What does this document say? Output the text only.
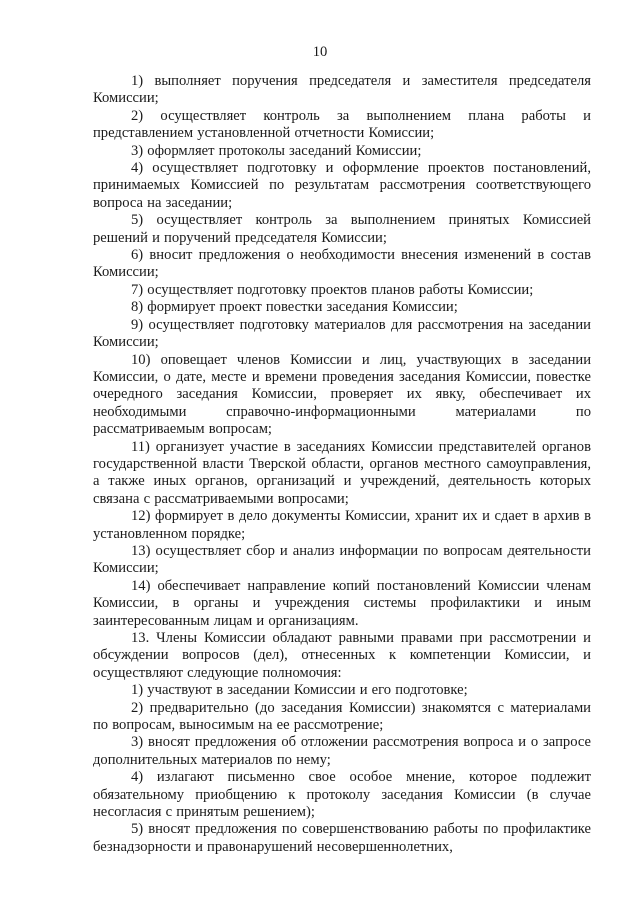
10

1) выполняет поручения председателя и заместителя председателя Комиссии;

2) осуществляет контроль за выполнением плана работы и представлением установленной отчетности Комиссии;

3) оформляет протоколы заседаний Комиссии;

4) осуществляет подготовку и оформление проектов постановлений, принимаемых Комиссией по результатам рассмотрения соответствующего вопроса на заседании;

5) осуществляет контроль за выполнением принятых Комиссией решений и поручений председателя Комиссии;

6) вносит предложения о необходимости внесения изменений в состав Комиссии;

7) осуществляет подготовку проектов планов работы Комиссии;

8) формирует проект повестки заседания Комиссии;

9) осуществляет подготовку материалов для рассмотрения на заседании Комиссии;

10) оповещает членов Комиссии и лиц, участвующих в заседании Комиссии, о дате, месте и времени проведения заседания Комиссии, повестке очередного заседания Комиссии, проверяет их явку, обеспечивает их необходимыми справочно-информационными материалами по рассматриваемым вопросам;

11) организует участие в заседаниях Комиссии представителей органов государственной власти Тверской области, органов местного самоуправления, а также иных органов, организаций и учреждений, деятельность которых связана с рассматриваемыми вопросами;

12) формирует в дело документы Комиссии, хранит их и сдает в архив в установленном порядке;

13) осуществляет сбор и анализ информации по вопросам деятельности Комиссии;

14) обеспечивает направление копий постановлений Комиссии членам Комиссии, в органы и учреждения системы профилактики и иным заинтересованным лицам и организациям.

13. Члены Комиссии обладают равными правами при рассмотрении и обсуждении вопросов (дел), отнесенных к компетенции Комиссии, и осуществляют следующие полномочия:

1) участвуют в заседании Комиссии и его подготовке;

2) предварительно (до заседания Комиссии) знакомятся с материалами по вопросам, выносимым на ее рассмотрение;

3) вносят предложения об отложении рассмотрения вопроса и о запросе дополнительных материалов по нему;

4) излагают письменно свое особое мнение, которое подлежит обязательному приобщению к протоколу заседания Комиссии (в случае несогласия с принятым решением);

5) вносят предложения по совершенствованию работы по профилактике безнадзорности и правонарушений несовершеннолетних,
